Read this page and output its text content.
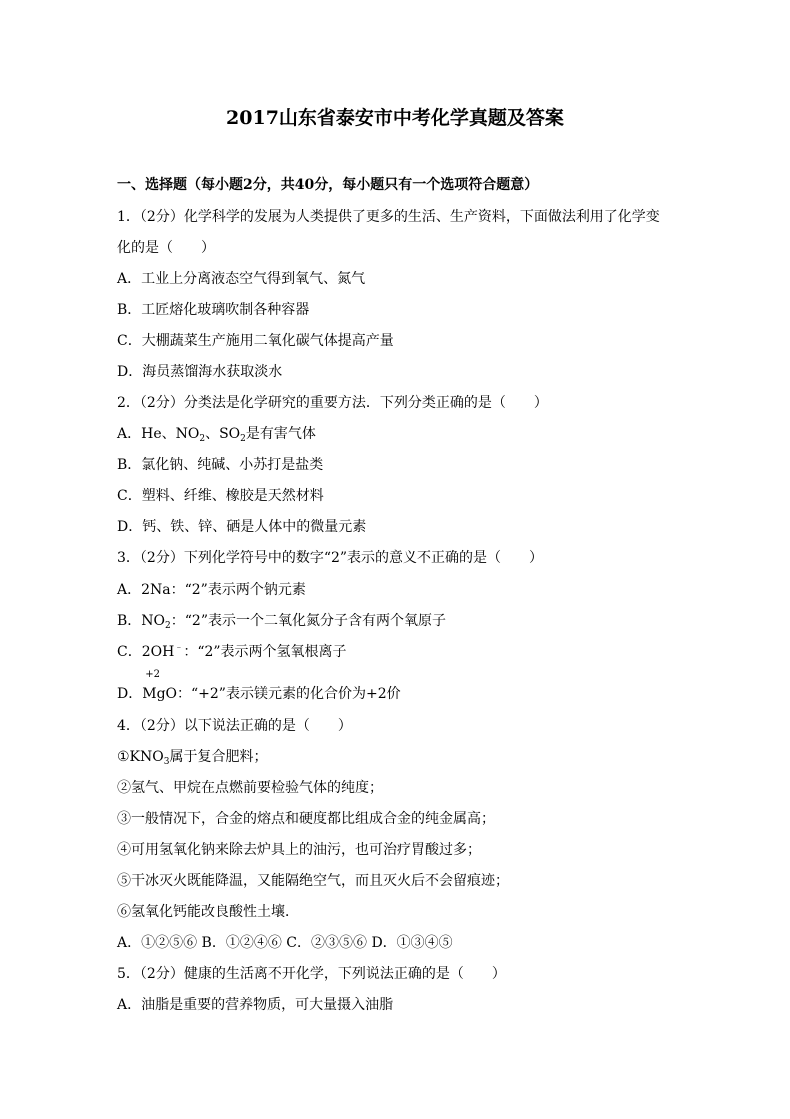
2017山东省泰安市中考化学真题及答案
一、选择题（每小题2分，共40分，每小题只有一个选项符合题意）
1．（2分）化学科学的发展为人类提供了更多的生活、生产资料，下面做法利用了化学变
化的是（　　）
A．工业上分离液态空气得到氧气、氮气
B．工匠熔化玻璃吹制各种容器
C．大棚蔬菜生产施用二氧化碳气体提高产量
D．海员蒸馏海水获取淡水
2．（2分）分类法是化学研究的重要方法．下列分类正确的是（　　）
A．He、$NO_2$、$SO_2$是有害气体
B．氯化钠、纯碱、小苏打是盐类
C．塑料、纤维、橡胶是天然材料
D．钙、铁、锌、硒是人体中的微量元素
3．（2分）下列化学符号中的数字“2”表示的意义不正确的是（　　）
A．2Na：“2”表示两个钠元素
B．$NO_2$：“2”表示一个二氧化氮分子含有两个氧原子
C．2OH﹣：“2”表示两个氢氧根离子
D．
+2
MgO：“+2”表示镁元素的化合价为+2价
4．（2分）以下说法正确的是（　　）
$①KNO_3$属于复合肥料；
②氢气、甲烷在点燃前要检验气体的纯度；
③一般情况下，合金的熔点和硬度都比组成合金的纯金属高；
④可用氢氧化钠来除去炉具上的油污，也可治疗胃酸过多；
⑤干冰灭火既能降温，又能隔绝空气，而且灭火后不会留痕迹；
⑥氢氧化钙能改良酸性土壤．
A．①②⑤⑥ B．①②④⑥ C．②③⑤⑥ D．①③④⑤
5．（2分）健康的生活离不开化学，下列说法正确的是（　　）
A．油脂是重要的营养物质，可大量摄入油脂
